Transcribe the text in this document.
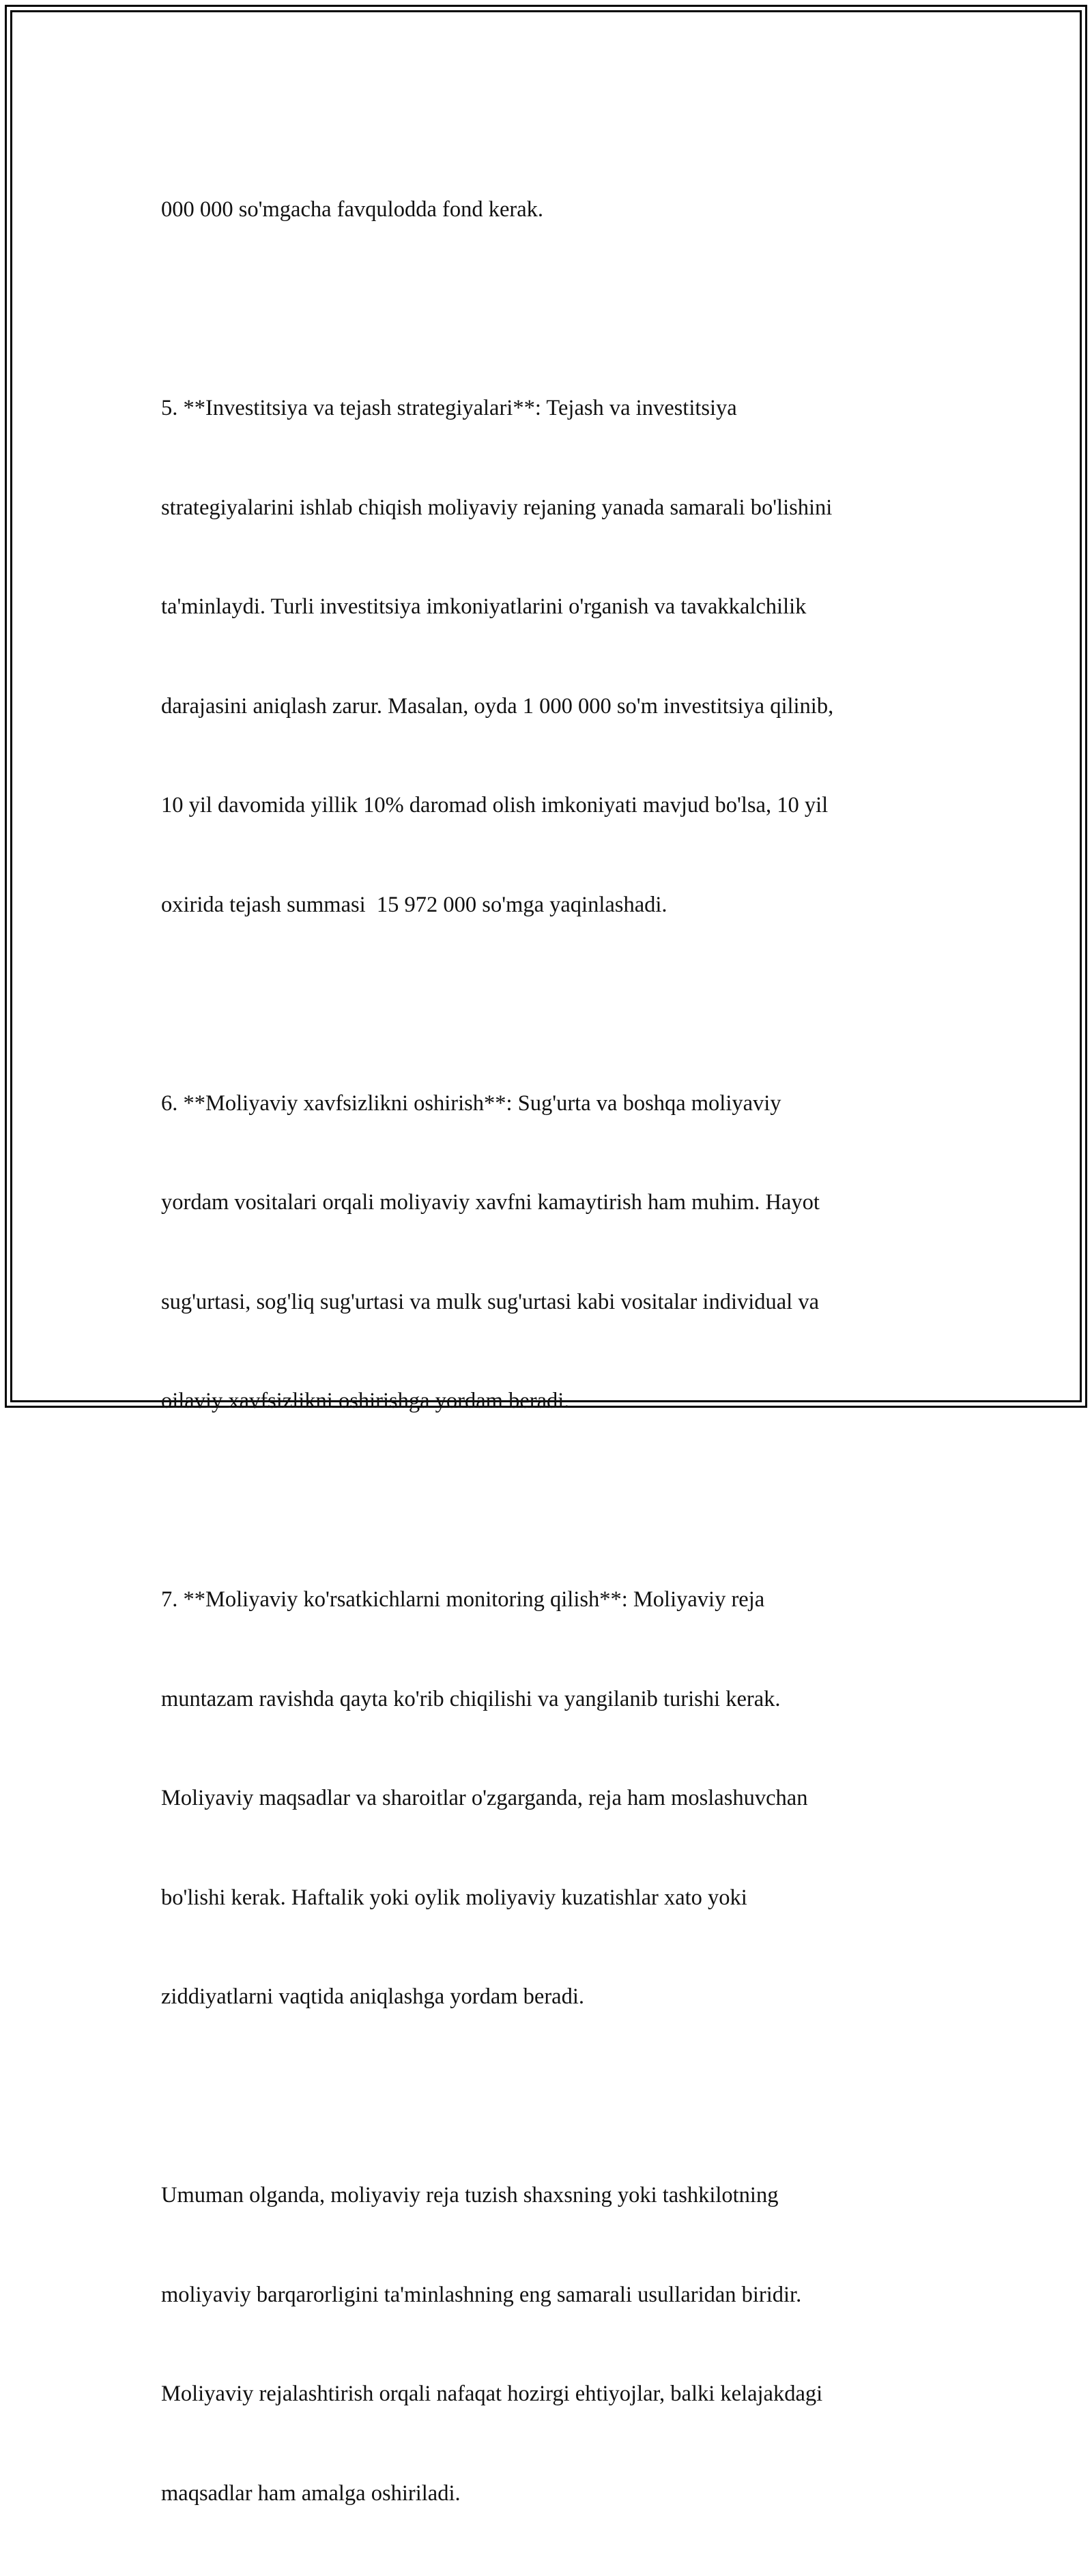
000 000 so'mgacha favqulodda fond kerak.

5. **Investitsiya va tejash strategiyalari**: Tejash va investitsiya

strategiyalarini ishlab chiqish moliyaviy rejaning yanada samarali bo'lishini

ta'minlaydi. Turli investitsiya imkoniyatlarini o'rganish va tavakkalchilik

darajasini aniqlash zarur. Masalan, oyda 1 000 000 so'm investitsiya qilinib,

10 yil davomida yillik 10% daromad olish imkoniyati mavjud bo'lsa, 10 yil

oxirida tejash summasi  15 972 000 so'mga yaqinlashadi.

6. **Moliyaviy xavfsizlikni oshirish**: Sug'urta va boshqa moliyaviy

yordam vositalari orqali moliyaviy xavfni kamaytirish ham muhim. Hayot

sug'urtasi, sog'liq sug'urtasi va mulk sug'urtasi kabi vositalar individual va

oilaviy xavfsizlikni oshirishga yordam beradi.

7. **Moliyaviy ko'rsatkichlarni monitoring qilish**: Moliyaviy reja

muntazam ravishda qayta ko'rib chiqilishi va yangilanib turishi kerak.

Moliyaviy maqsadlar va sharoitlar o'zgarganda, reja ham moslashuvchan

bo'lishi kerak. Haftalik yoki oylik moliyaviy kuzatishlar xato yoki

ziddiyatlarni vaqtida aniqlashga yordam beradi.

Umuman olganda, moliyaviy reja tuzish shaxsning yoki tashkilotning

moliyaviy barqarorligini ta'minlashning eng samarali usullaridan biridir.

Moliyaviy rejalashtirish orqali nafaqat hozirgi ehtiyojlar, balki kelajakdagi

maqsadlar ham amalga oshiriladi.
